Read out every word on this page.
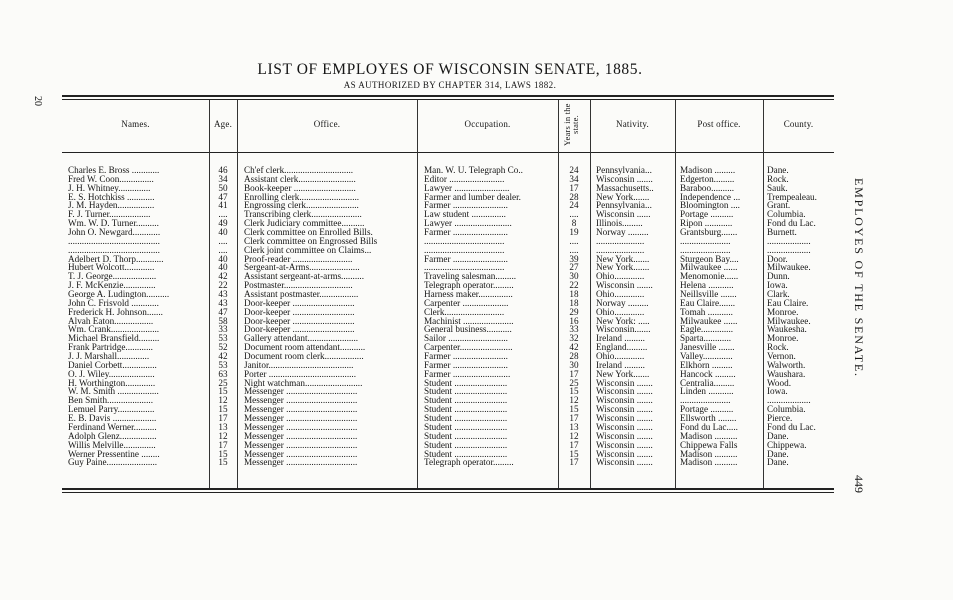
LIST OF EMPLOYES OF WISCONSIN SENATE, 1885.
AS AUTHORIZED BY CHAPTER 314, LAWS 1882.
20
EMPLOYES OF THE SENATE.
449
Names.	Age.	Office.	Occupation.	Years in the state.	Nativity.	Post office.	County.
Charles E. Bross ............	46	Ch'ef clerk..............................	Man. W. U. Telegraph Co..	24	Pennsylvania...	Madison .........	Dane.
Fred W. Coon...............	34	Assistant clerk.........................	Editor ........................	34	Wisconsin .......	Edgerton.........	Rock.
J. H. Whitney..............	50	Book-keeper ...........................	Lawyer ........................	17	Massachusetts..	Baraboo..........	Sauk.
E. S. Hotchkiss ............	47	Enrolling clerk..........................	Farmer and lumber dealer.	28	New York.......	Independence ...	Trempealeau.
J. M. Hayden................	41	Engrossing clerk.......................	Farmer ........................	24	Pennsylvania...	Bloomington ....	Grant.
F. J. Turner..................	....	Transcribing clerk......................	Law student ...............	....	Wisconsin ......	Portage ..........	Columbia.
Wm. W. D. Turner..........	49	Clerk Judiciary committee..........	Lawyer .........................	8	Illinois.........	Ripon ............	Fond du Lac.
John O. Newgard............	40	Clerk committee on Enrolled Bills.	Farmer ........................	19	Norway .........	Grantsburg.......	Burnett.
........................................	....	Clerk committee on Engrossed Bills	...................................	....	.....................	......................	...................
........................................	....	Clerk joint committee on Claims...	...................................	....	.....................	......................	...................
Adelbert D. Thorp............	40	Proof-reader ..........................	Farmer ........................	39	New York.......	Sturgeon Bay....	Door.
Hubert Wolcott.............	40	Sergeant-at-Arms......................	...................................	27	New York.......	Milwaukee ......	Milwaukee.
T. J. George...................	42	Assistant sergeant-at-arms..........	Traveling salesman.........	30	Ohio.............	Menomonie......	Dunn.
J. F. McKenzie..............	22	Postmaster..............................	Telegraph operator.........	22	Wisconsin .......	Helena ...........	Iowa.
George A. Ludington..........	43	Assistant postmaster.................	Harness maker...............	18	Ohio.............	Neillsville .......	Clark.
John C. Frisvold ............	43	Door-keeper ...........................	Carpenter ....................	18	Norway .........	Eau Claire.......	Eau Claire.
Frederick H. Johnson.......	47	Door-keeper ...........................	Clerk..........................	29	Ohio.............	Tomah ...........	Monroe.
Alvah Eaton.................	58	Door-keeper ...........................	Machinist ......................	16	New York: .....	Milwaukee ......	Milwaukee.
Wm. Crank.....................	33	Door-keeper ...........................	General business...........	33	Wisconsin.......	Eagle..............	Waukesha.
Michael Bransfield.........	53	Gallery attendant......................	Sailor ..........................	32	Ireland .........	Sparta............	Monroe.
Frank Partridge............	52	Document room attendant...........	Carpenter.......................	42	England.........	Janesville .......	Rock.
J. J. Marshall..............	42	Document room clerk.................	Farmer ........................	28	Ohio.............	Valley.............	Vernon.
Daniel Corbett...............	53	Janitor.....................................	Farmer ........................	30	Ireland .........	Elkhorn .........	Walworth.
O. J. Wiley....................	63	Porter ......................................	Farmer .........................	17	New York.......	Hancock .........	Waushara.
H. Worthington.............	25	Night watchman.........................	Student .......................	25	Wisconsin .......	Centralia.........	Wood.
W. M. Smith ..................	15	Messenger ...............................	Student .......................	15	Wisconsin .......	Linden ...........	Iowa.
Ben Smith....................	12	Messenger ...............................	Student .......................	12	Wisconsin .......	......................	...................
Lemuel Parry................	15	Messenger ...............................	Student .......................	15	Wisconsin .......	Portage ..........	Columbia.
E. B. Davis ...................	17	Messenger ...............................	Student .......................	17	Wisconsin .......	Ellsworth ........	Pierce.
Ferdinand Werner..........	13	Messenger ...............................	Student .......................	13	Wisconsin .......	Fond du Lac.....	Fond du Lac.
Adolph Glenz................	12	Messenger ...............................	Student .......................	12	Wisconsin .......	Madison ..........	Dane.
Willis Melville..............	17	Messenger ...............................	Student .......................	17	Wisconsin .......	Chippewa Falls	Chippewa.
Werner Pressentine ........	15	Messenger ...............................	Student .......................	15	Wisconsin .......	Madison ..........	Dane.
Guy Paine......................	15	Messenger ...............................	Telegraph operator.........	17	Wisconsin .......	Madison ..........	Dane.
